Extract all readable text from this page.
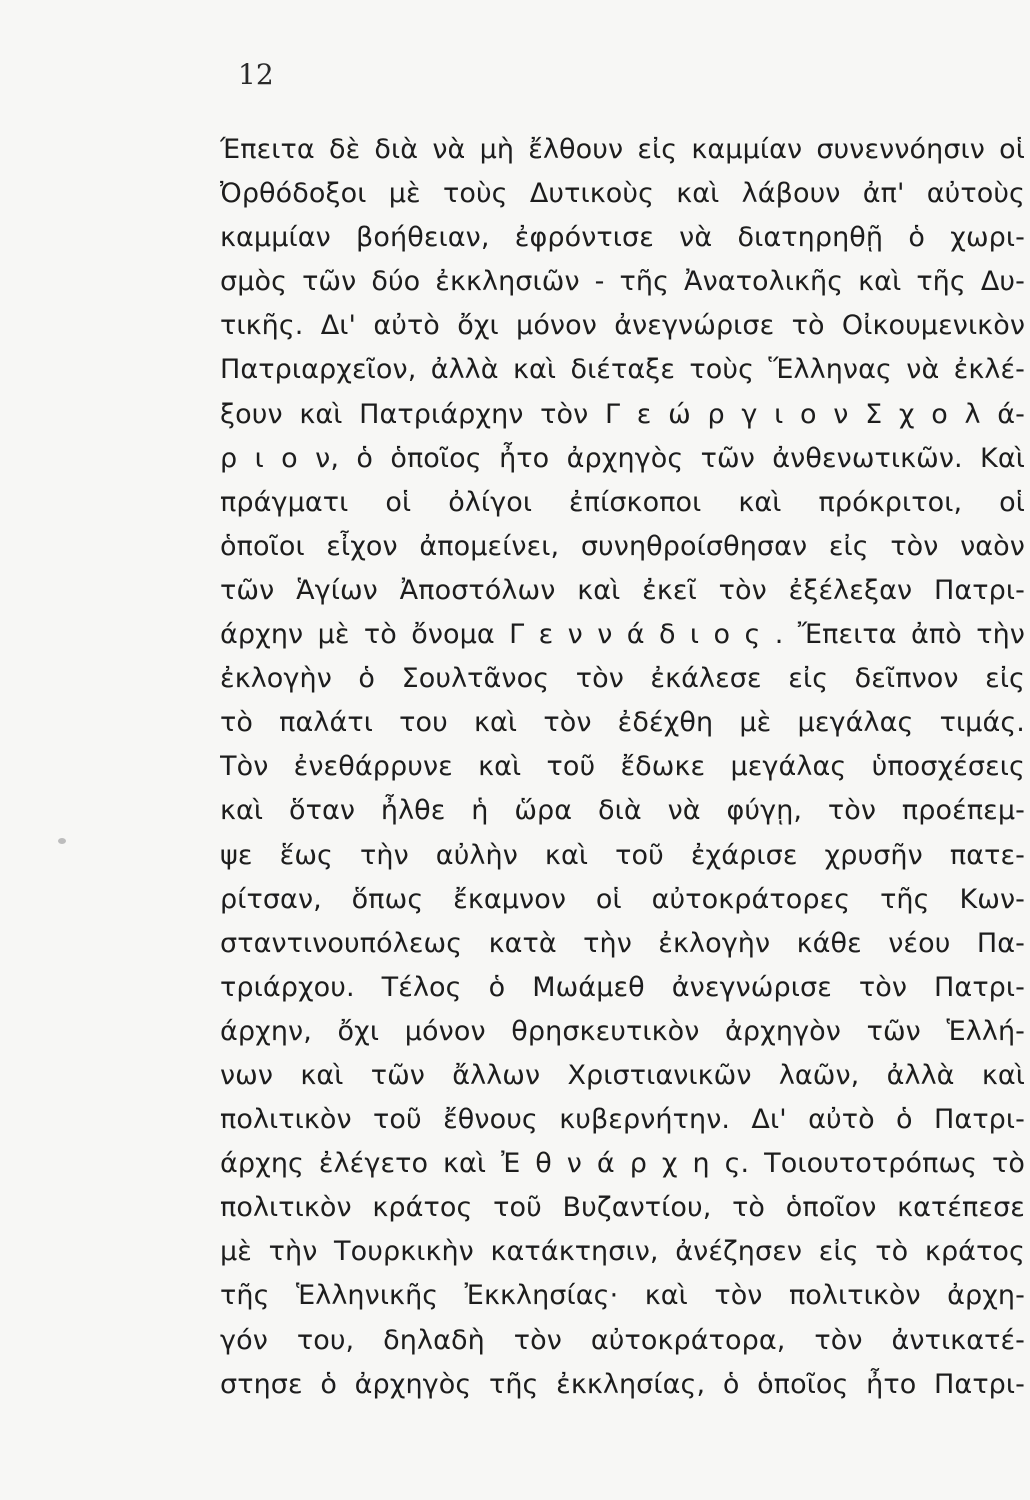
12
Έπειτα δὲ διὰ νὰ μὴ ἔλθουν εἰς καμμίαν συνεννόησιν οἱ
Ὀρθόδοξοι μὲ τοὺς Δυτικοὺς καὶ λάβουν ἀπ' αὐτοὺς
καμμίαν βοήθειαν, ἐφρόντισε νὰ διατηρηθῇ ὁ χωρι-
σμὸς τῶν δύο ἐκκλησιῶν - τῆς Ἀνατολικῆς καὶ τῆς Δυ-
τικῆς. Δι' αὐτὸ ὄχι μόνον ἀνεγνώρισε τὸ Οἰκουμενικὸν
Πατριαρχεῖον, ἀλλὰ καὶ διέταξε τοὺς Ἕλληνας νὰ ἐκλέ-
ξουν καὶ Πατριάρχην τὸν Γ ε ώ ρ γ ι ο ν Σ χ ο λ ά-
ρ ι ο ν, ὁ ὁποῖος ἦτο ἀρχηγὸς τῶν ἀνθενωτικῶν. Καὶ
πράγματι οἱ ὀλίγοι ἐπίσκοποι καὶ πρόκριτοι, οἱ
ὁποῖοι εἶχον ἀπομείνει, συνηθροίσθησαν εἰς τὸν ναὸν
τῶν Ἁγίων Ἀποστόλων καὶ ἐκεῖ τὸν ἐξέλεξαν Πατρι-
άρχην μὲ τὸ ὄνομα Γ ε ν ν ά δ ι ο ς . Ἔπειτα ἀπὸ τὴν
ἐκλογὴν ὁ Σουλτᾶνος τὸν ἐκάλεσε εἰς δεῖπνον εἰς
τὸ παλάτι του καὶ τὸν ἐδέχθη μὲ μεγάλας τιμάς.
Τὸν ἐνεθάρρυνε καὶ τοῦ ἔδωκε μεγάλας ὑποσχέσεις
καὶ ὅταν ἦλθε ἡ ὥρα διὰ νὰ φύγῃ, τὸν προέπεμ-
ψε ἕως τὴν αὐλὴν καὶ τοῦ ἐχάρισε χρυσῆν πατε-
ρίτσαν, ὅπως ἔκαμνον οἱ αὐτοκράτορες τῆς Κων-
σταντινουπόλεως κατὰ τὴν ἐκλογὴν κάθε νέου Πα-
τριάρχου. Τέλος ὁ Μωάμεθ ἀνεγνώρισε τὸν Πατρι-
άρχην, ὄχι μόνον θρησκευτικὸν ἀρχηγὸν τῶν Ἑλλή-
νων καὶ τῶν ἄλλων Χριστιανικῶν λαῶν, ἀλλὰ καὶ
πολιτικὸν τοῦ ἔθνους κυβερνήτην. Δι' αὐτὸ ὁ Πατρι-
άρχης ἐλέγετο καὶ Ἐ θ ν ά ρ χ η ς. Τοιουτοτρόπως τὸ
πολιτικὸν κράτος τοῦ Βυζαντίου, τὸ ὁποῖον κατέπεσε
μὲ τὴν Τουρκικὴν κατάκτησιν, ἀνέζησεν εἰς τὸ κράτος
τῆς Ἑλληνικῆς Ἐκκλησίας· καὶ τὸν πολιτικὸν ἀρχη-
γόν του, δηλαδὴ τὸν αὐτοκράτορα, τὸν ἀντικατέ-
στησε ὁ ἀρχηγὸς τῆς ἐκκλησίας, ὁ ὁποῖος ἦτο Πατρι-
